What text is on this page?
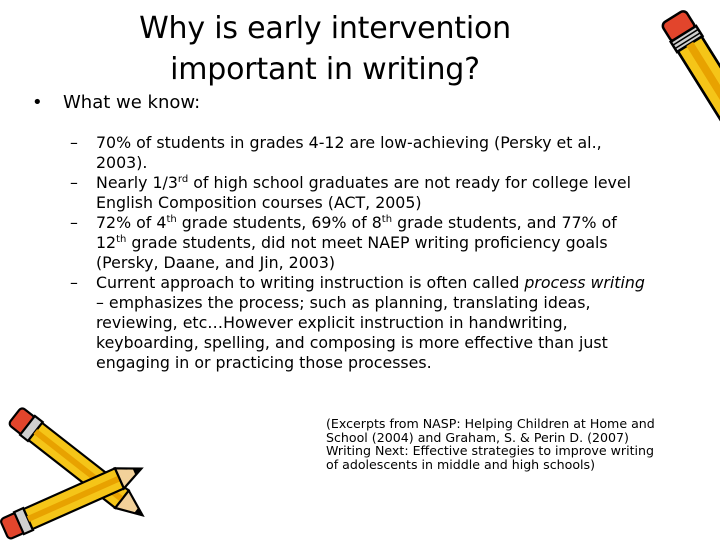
Why is early intervention
important in writing?
• What we know:
– 70% of students in grades 4-12 are low-achieving (Persky et al., 2003).
– Nearly 1/3rd of high school graduates are not ready for college level English Composition courses (ACT, 2005)
– 72% of 4th grade students, 69% of 8th grade students, and 77% of 12th grade students, did not meet NAEP writing proficiency goals (Persky, Daane, and Jin, 2003)
– Current approach to writing instruction is often called process writing – emphasizes the process; such as planning, translating ideas, reviewing, etc…However explicit instruction in handwriting, keyboarding, spelling, and composing is more effective than just engaging in or practicing those processes.
(Excerpts from NASP: Helping Children at Home and School (2004) and Graham, S. & Perin D. (2007) Writing Next: Effective strategies to improve writing of adolescents in middle and high schools)
